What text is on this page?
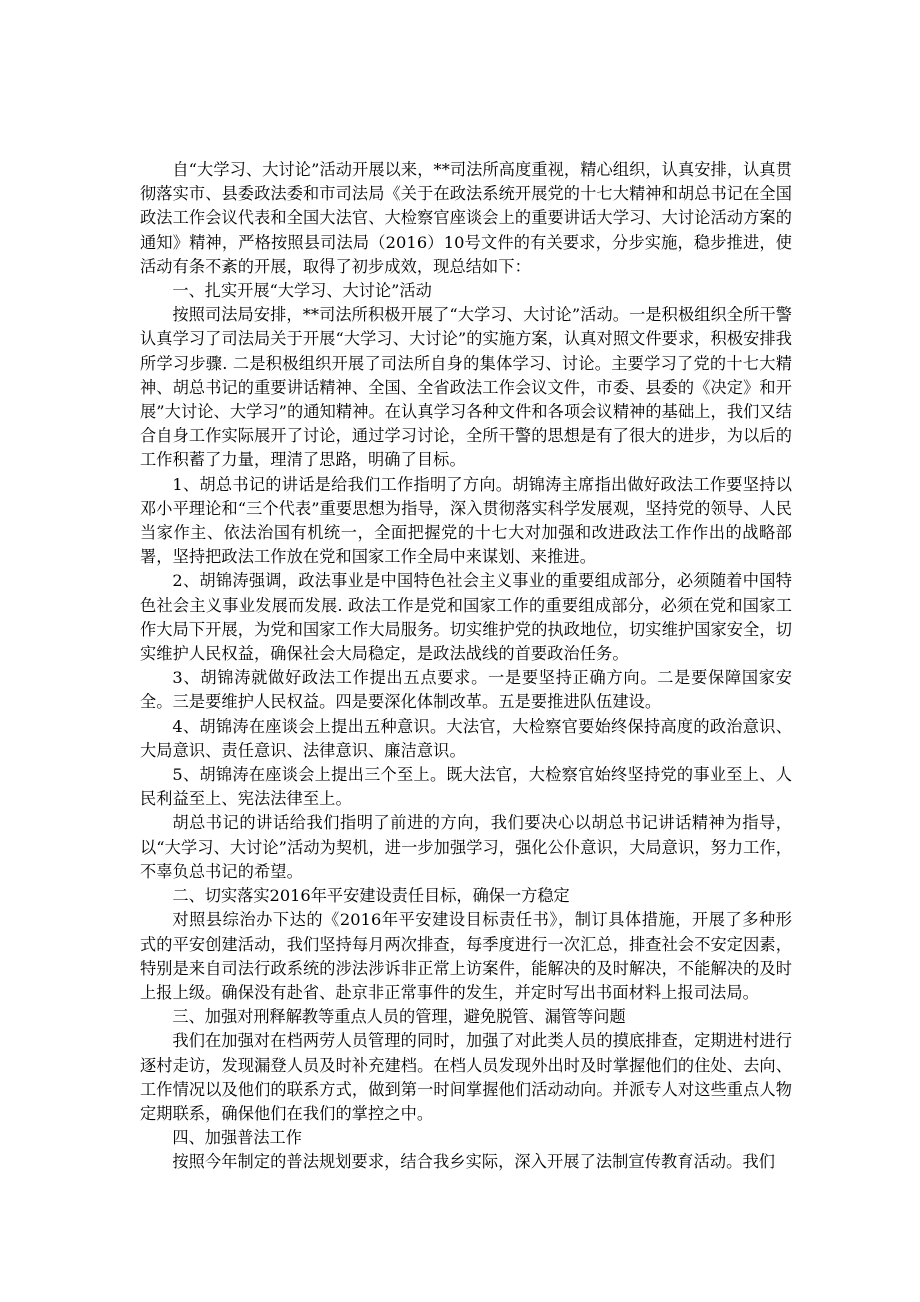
自“大学习、大讨论”活动开展以来，**司法所高度重视，精心组织，认真安排，认真贯彻落实市、县委政法委和市司法局《关于在政法系统开展党的十七大精神和胡总书记在全国政法工作会议代表和全国大法官、大检察官座谈会上的重要讲话大学习、大讨论活动方案的通知》精神，严格按照县司法局（2016）10号文件的有关要求，分步实施，稳步推进，使活动有条不紊的开展，取得了初步成效，现总结如下：

一、扎实开展“大学习、大讨论”活动

按照司法局安排，**司法所积极开展了“大学习、大讨论”活动。一是积极组织全所干警认真学习了司法局关于开展“大学习、大讨论”的实施方案，认真对照文件要求，积极安排我所学习步骤. 二是积极组织开展了司法所自身的集体学习、讨论。主要学习了党的十七大精神、胡总书记的重要讲话精神、全国、全省政法工作会议文件，市委、县委的《决定》和开展”大讨论、大学习”的通知精神。在认真学习各种文件和各项会议精神的基础上，我们又结合自身工作实际展开了讨论，通过学习讨论，全所干警的思想是有了很大的进步，为以后的工作积蓄了力量，理清了思路，明确了目标。

1、胡总书记的讲话是给我们工作指明了方向。胡锦涛主席指出做好政法工作要坚持以邓小平理论和“三个代表”重要思想为指导，深入贯彻落实科学发展观，坚持党的领导、人民当家作主、依法治国有机统一，全面把握党的十七大对加强和改进政法工作作出的战略部署，坚持把政法工作放在党和国家工作全局中来谋划、来推进。

2、胡锦涛强调，政法事业是中国特色社会主义事业的重要组成部分，必须随着中国特色社会主义事业发展而发展. 政法工作是党和国家工作的重要组成部分，必须在党和国家工作大局下开展，为党和国家工作大局服务。切实维护党的执政地位，切实维护国家安全，切实维护人民权益，确保社会大局稳定，是政法战线的首要政治任务。

3、胡锦涛就做好政法工作提出五点要求。一是要坚持正确方向。二是要保障国家安全。三是要维护人民权益。四是要深化体制改革。五是要推进队伍建设。

4、胡锦涛在座谈会上提出五种意识。大法官，大检察官要始终保持高度的政治意识、大局意识、责任意识、法律意识、廉洁意识。

5、胡锦涛在座谈会上提出三个至上。既大法官，大检察官始终坚持党的事业至上、人民利益至上、宪法法律至上。

胡总书记的讲话给我们指明了前进的方向，我们要决心以胡总书记讲话精神为指导，以“大学习、大讨论”活动为契机，进一步加强学习，强化公仆意识，大局意识，努力工作，不辜负总书记的希望。

二、切实落实2016年平安建设责任目标，确保一方稳定

对照县综治办下达的《2016年平安建设目标责任书》，制订具体措施，开展了多种形式的平安创建活动，我们坚持每月两次排查，每季度进行一次汇总，排查社会不安定因素，特别是来自司法行政系统的涉法涉诉非正常上访案件，能解决的及时解决，不能解决的及时上报上级。确保没有赴省、赴京非正常事件的发生，并定时写出书面材料上报司法局。

三、加强对刑释解教等重点人员的管理，避免脱管、漏管等问题

我们在加强对在档两劳人员管理的同时，加强了对此类人员的摸底排查，定期进村进行逐村走访，发现漏登人员及时补充建档。在档人员发现外出时及时掌握他们的住处、去向、工作情况以及他们的联系方式，做到第一时间掌握他们活动动向。并派专人对这些重点人物定期联系，确保他们在我们的掌控之中。

四、加强普法工作

按照今年制定的普法规划要求，结合我乡实际，深入开展了法制宣传教育活动。我们
